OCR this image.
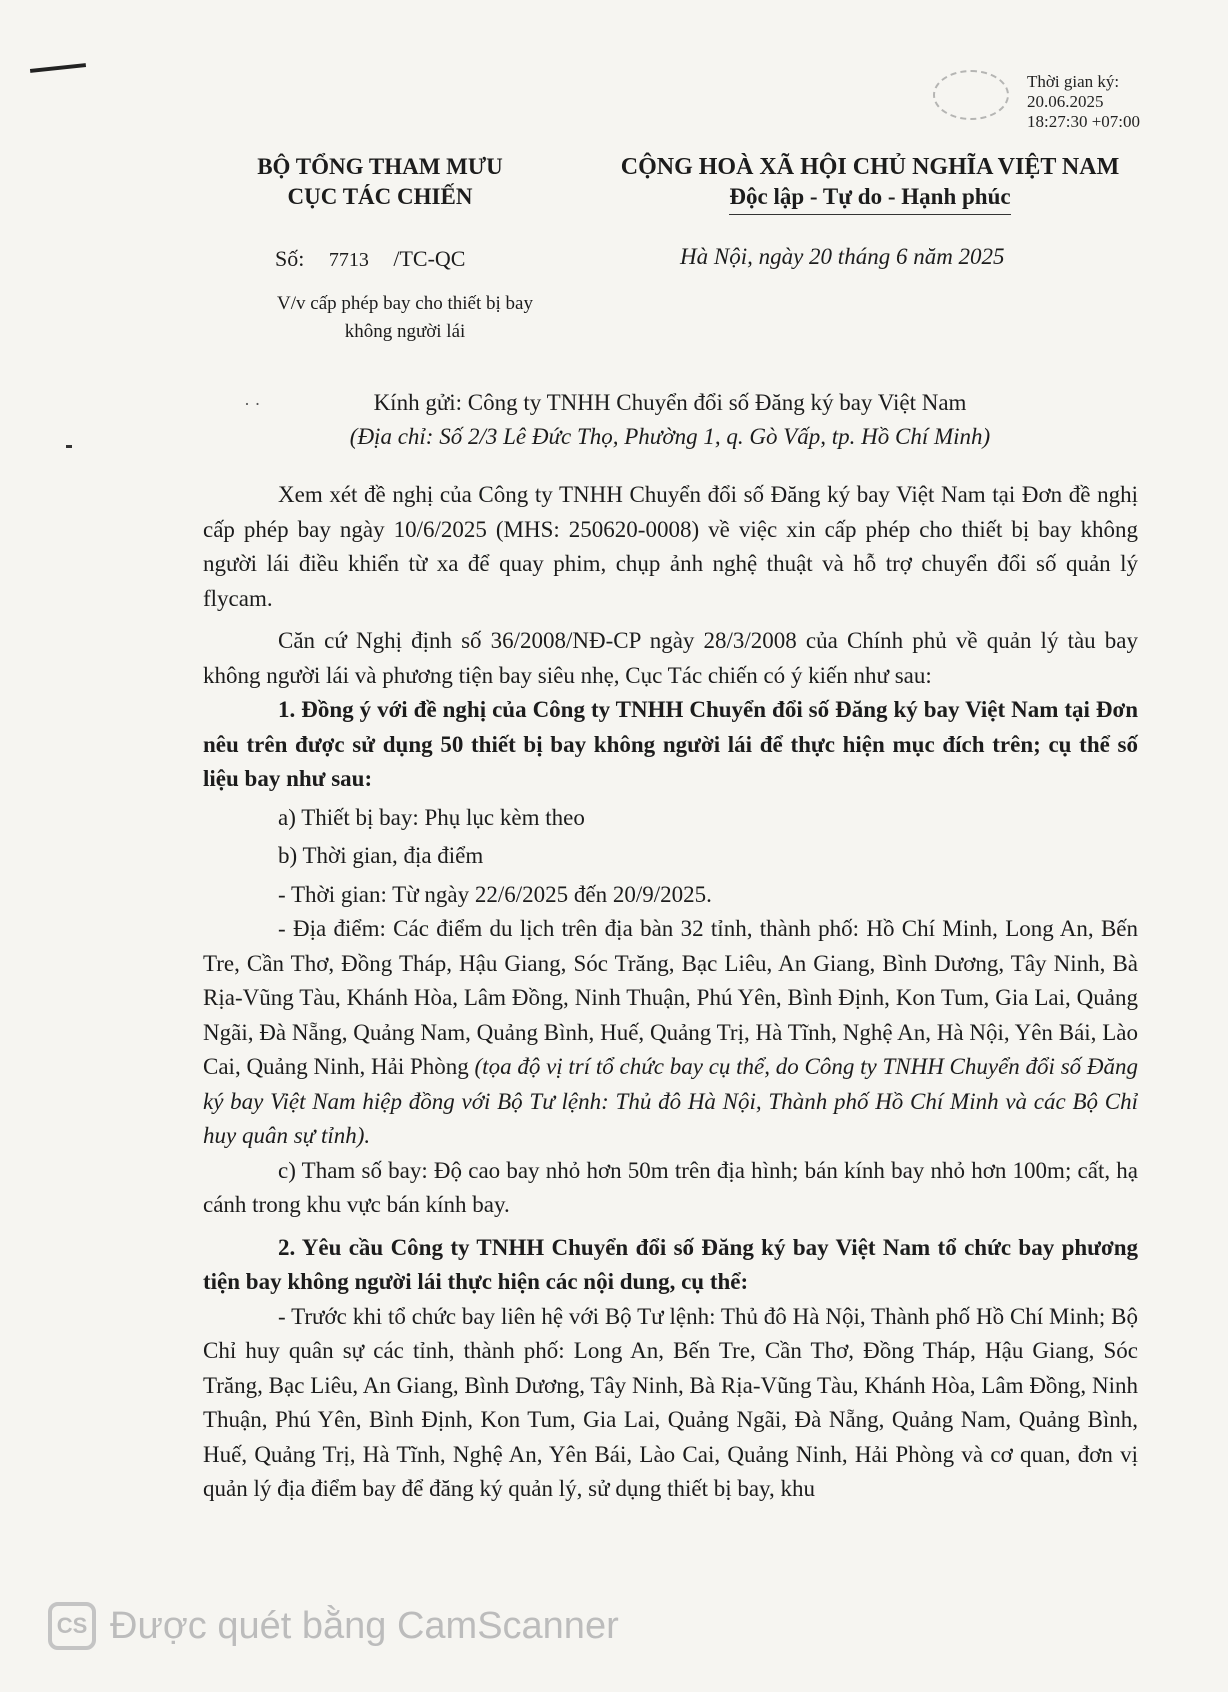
Thời gian ký:
20.06.2025
18:27:30 +07:00
BỘ TỔNG THAM MƯU
CỤC TÁC CHIẾN
CỘNG HOÀ XÃ HỘI CHỦ NGHĨA VIỆT NAM
Độc lập - Tự do - Hạnh phúc
Số: 7713 /TC-QC	Hà Nội, ngày 20 tháng 6 năm 2025
V/v cấp phép bay cho thiết bị bay
không người lái
· ·	Kính gửi: Công ty TNHH Chuyển đổi số Đăng ký bay Việt Nam
(Địa chỉ: Số 2/3 Lê Đức Thọ, Phường 1, q. Gò Vấp, tp. Hồ Chí Minh)

Xem xét đề nghị của Công ty TNHH Chuyển đổi số Đăng ký bay Việt Nam tại Đơn đề nghị cấp phép bay ngày 10/6/2025 (MHS: 250620-0008) về việc xin cấp phép cho thiết bị bay không người lái điều khiển từ xa để quay phim, chụp ảnh nghệ thuật và hỗ trợ chuyển đổi số quản lý flycam.

Căn cứ Nghị định số 36/2008/NĐ-CP ngày 28/3/2008 của Chính phủ về quản lý tàu bay không người lái và phương tiện bay siêu nhẹ, Cục Tác chiến có ý kiến như sau:

1. Đồng ý với đề nghị của Công ty TNHH Chuyển đổi số Đăng ký bay Việt Nam tại Đơn nêu trên được sử dụng 50 thiết bị bay không người lái để thực hiện mục đích trên; cụ thể số liệu bay như sau:

a) Thiết bị bay: Phụ lục kèm theo

b) Thời gian, địa điểm

- Thời gian: Từ ngày 22/6/2025 đến 20/9/2025.

- Địa điểm: Các điểm du lịch trên địa bàn 32 tỉnh, thành phố: Hồ Chí Minh, Long An, Bến Tre, Cần Thơ, Đồng Tháp, Hậu Giang, Sóc Trăng, Bạc Liêu, An Giang, Bình Dương, Tây Ninh, Bà Rịa-Vũng Tàu, Khánh Hòa, Lâm Đồng, Ninh Thuận, Phú Yên, Bình Định, Kon Tum, Gia Lai, Quảng Ngãi, Đà Nẵng, Quảng Nam, Quảng Bình, Huế, Quảng Trị, Hà Tĩnh, Nghệ An, Hà Nội, Yên Bái, Lào Cai, Quảng Ninh, Hải Phòng (tọa độ vị trí tổ chức bay cụ thể, do Công ty TNHH Chuyển đổi số Đăng ký bay Việt Nam hiệp đồng với Bộ Tư lệnh: Thủ đô Hà Nội, Thành phố Hồ Chí Minh và các Bộ Chỉ huy quân sự tỉnh).

c) Tham số bay: Độ cao bay nhỏ hơn 50m trên địa hình; bán kính bay nhỏ hơn 100m; cất, hạ cánh trong khu vực bán kính bay.

2. Yêu cầu Công ty TNHH Chuyển đổi số Đăng ký bay Việt Nam tổ chức bay phương tiện bay không người lái thực hiện các nội dung, cụ thể:

- Trước khi tổ chức bay liên hệ với Bộ Tư lệnh: Thủ đô Hà Nội, Thành phố Hồ Chí Minh; Bộ Chỉ huy quân sự các tỉnh, thành phố: Long An, Bến Tre, Cần Thơ, Đồng Tháp, Hậu Giang, Sóc Trăng, Bạc Liêu, An Giang, Bình Dương, Tây Ninh, Bà Rịa-Vũng Tàu, Khánh Hòa, Lâm Đồng, Ninh Thuận, Phú Yên, Bình Định, Kon Tum, Gia Lai, Quảng Ngãi, Đà Nẵng, Quảng Nam, Quảng Bình, Huế, Quảng Trị, Hà Tĩnh, Nghệ An, Yên Bái, Lào Cai, Quảng Ninh, Hải Phòng và cơ quan, đơn vị quản lý địa điểm bay để đăng ký quản lý, sử dụng thiết bị bay, khu

CS Được quét bằng CamScanner
